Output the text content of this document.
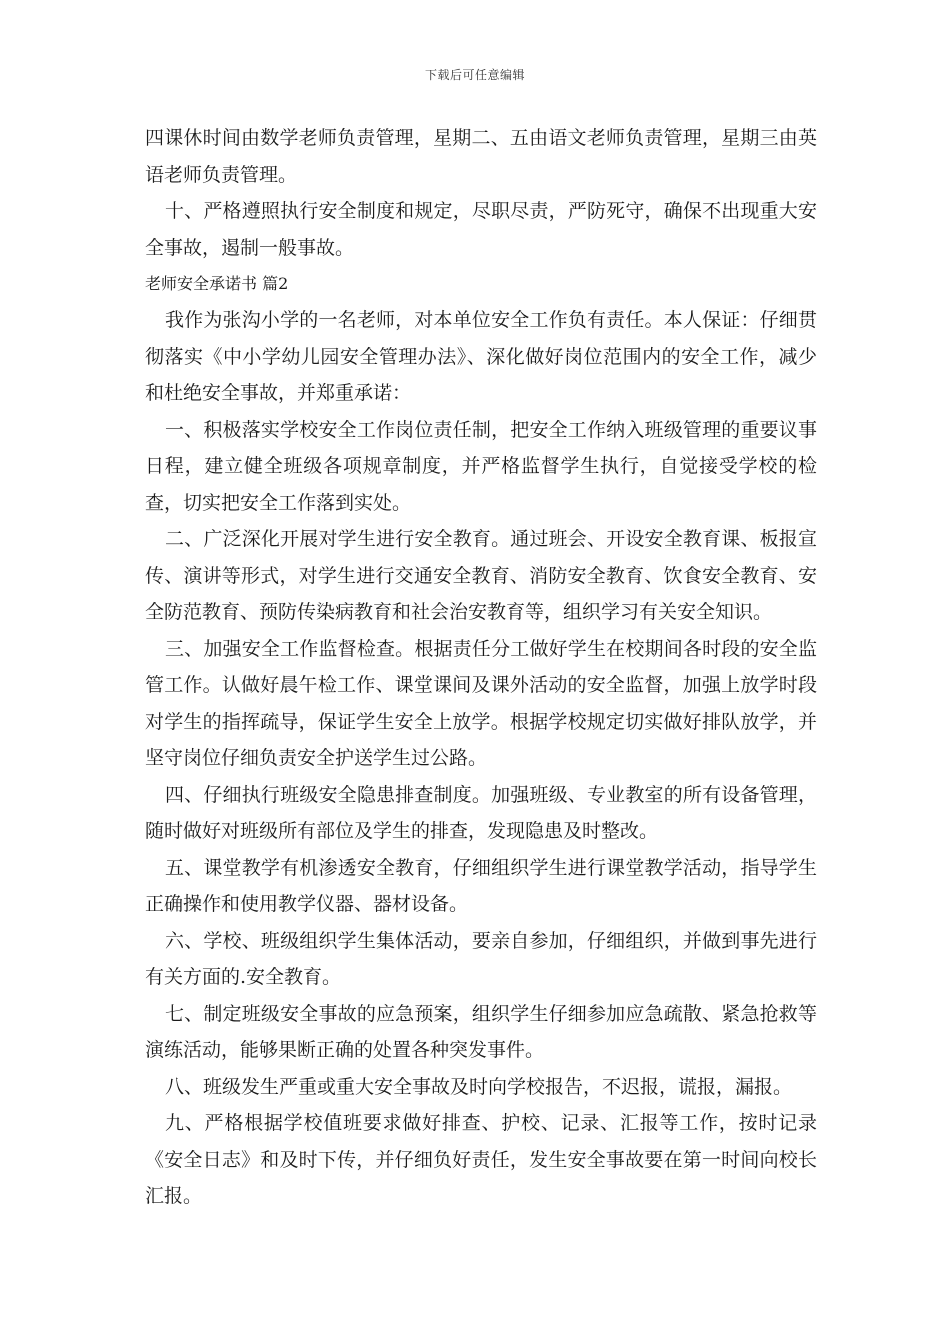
下载后可任意编辑

四课休时间由数学老师负责管理，星期二、五由语文老师负责管理，星期三由英语老师负责管理。

十、严格遵照执行安全制度和规定，尽职尽责，严防死守，确保不出现重大安全事故，遏制一般事故。

老师安全承诺书 篇2

我作为张沟小学的一名老师，对本单位安全工作负有责任。本人保证：仔细贯彻落实《中小学幼儿园安全管理办法》、深化做好岗位范围内的安全工作，减少和杜绝安全事故，并郑重承诺：

一、积极落实学校安全工作岗位责任制，把安全工作纳入班级管理的重要议事日程，建立健全班级各项规章制度，并严格监督学生执行，自觉接受学校的检查，切实把安全工作落到实处。

二、广泛深化开展对学生进行安全教育。通过班会、开设安全教育课、板报宣传、演讲等形式，对学生进行交通安全教育、消防安全教育、饮食安全教育、安全防范教育、预防传染病教育和社会治安教育等，组织学习有关安全知识。

三、加强安全工作监督检查。根据责任分工做好学生在校期间各时段的安全监管工作。认做好晨午检工作、课堂课间及课外活动的安全监督，加强上放学时段对学生的指挥疏导，保证学生安全上放学。根据学校规定切实做好排队放学，并坚守岗位仔细负责安全护送学生过公路。

四、仔细执行班级安全隐患排查制度。加强班级、专业教室的所有设备管理，随时做好对班级所有部位及学生的排查，发现隐患及时整改。

五、课堂教学有机渗透安全教育，仔细组织学生进行课堂教学活动，指导学生正确操作和使用教学仪器、器材设备。

六、学校、班级组织学生集体活动，要亲自参加，仔细组织，并做到事先进行有关方面的.安全教育。

七、制定班级安全事故的应急预案，组织学生仔细参加应急疏散、紧急抢救等演练活动，能够果断正确的处置各种突发事件。

八、班级发生严重或重大安全事故及时向学校报告，不迟报，谎报，漏报。

九、严格根据学校值班要求做好排查、护校、记录、汇报等工作，按时记录《安全日志》和及时下传，并仔细负好责任，发生安全事故要在第一时间向校长汇报。
